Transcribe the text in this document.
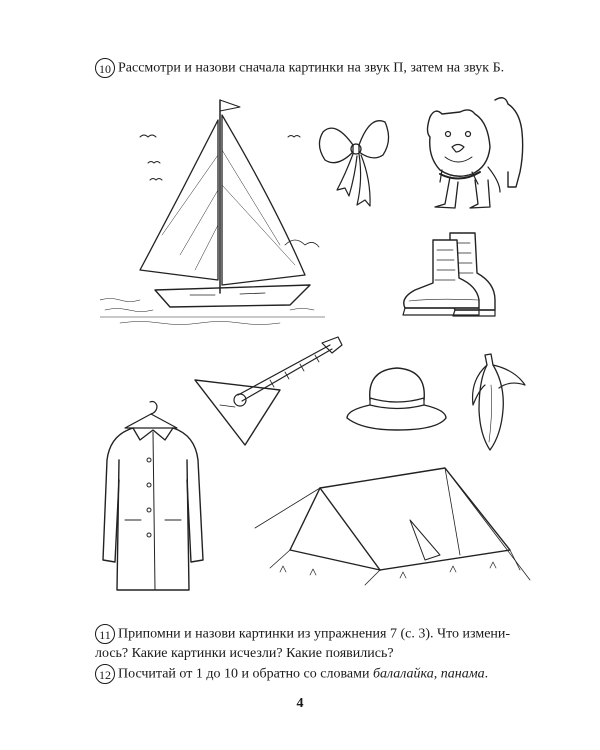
10 Рассмотри и назови сначала картинки на звук П, затем на звук Б.
11 Припомни и назови картинки из упражнения 7 (с. 3). Что измени-
лось? Какие картинки исчезли? Какие появились?
12 Посчитай от 1 до 10 и обратно со словами балалайка, панама.
4
